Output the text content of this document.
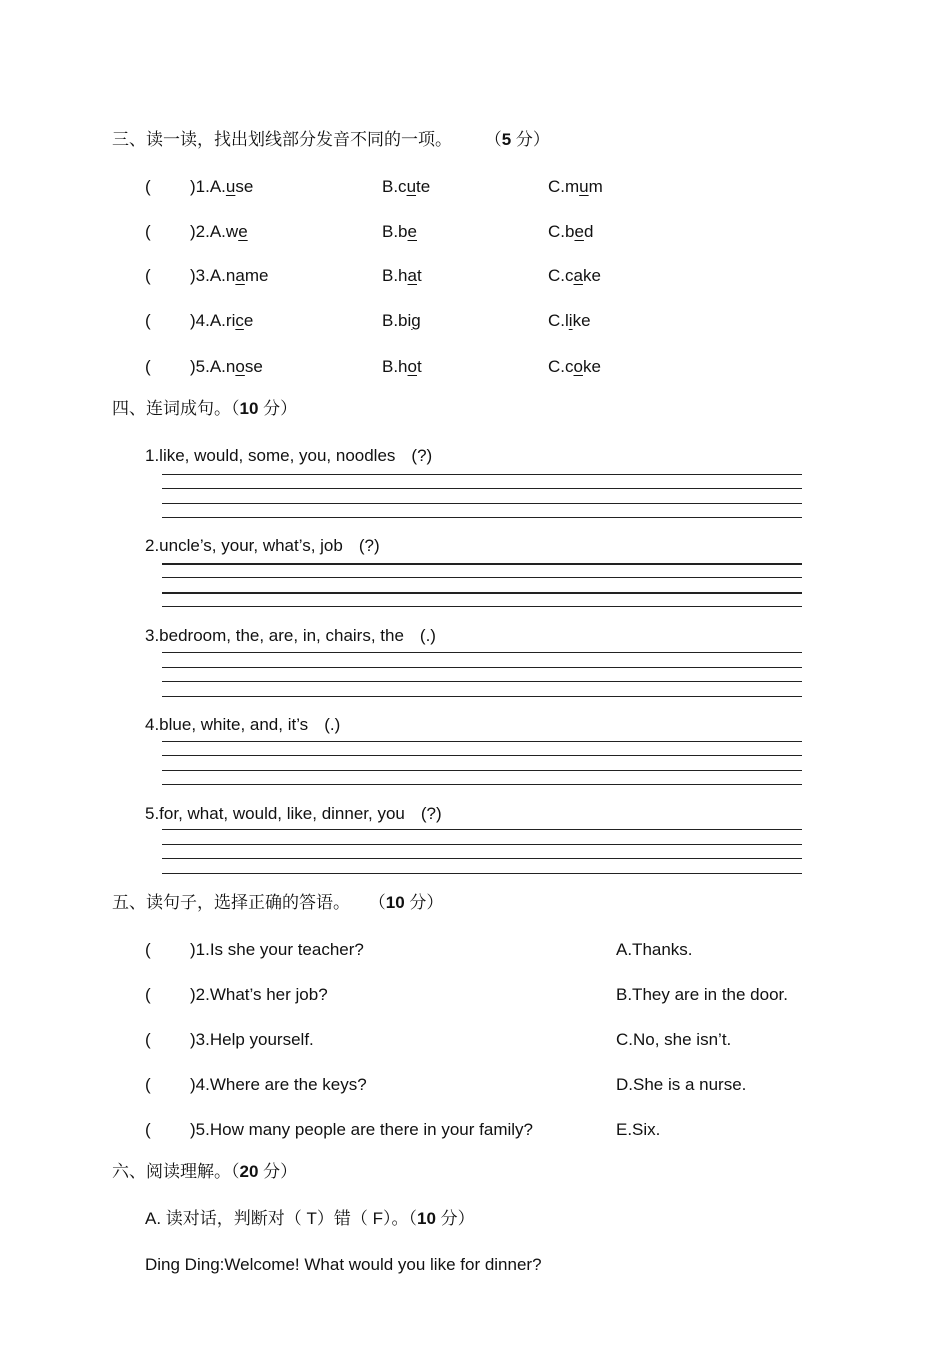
三、读一读，找出划线部分发音不同的一项。 （5 分）
( )1.A. use	B.cute	C.mum
( )2.A. we	B.be	C.bed
( )3.A. name	B.hat	C.cake
( )4.A. rice	B.big	C.like
( )5.A. nose	B.hot	C.coke
四、连词成句。（10 分）
1.like, would, some, you, noodles (?)
2.uncle’s, your, what’s, job (?)
3.bedroom, the, are, in, chairs, the (.)
4.blue, white, and, it’s (.)
5.for, what, would, like, dinner, you (?)
五、读句子，选择正确的答语。 （10 分）
( )1.Is she your teacher?	A.Thanks.
( )2.What’s her job?	B.They are in the door.
( )3.Help yourself.	C.No, she isn’t.
( )4.Where are the keys?	D.She is a nurse.
( )5.How many people are there in your family?	E.Six.
六、阅读理解。（20 分）
A. 读对话，判断对（ T）错（ F）。（10 分）
Ding Ding:Welcome! What would you like for dinner?
